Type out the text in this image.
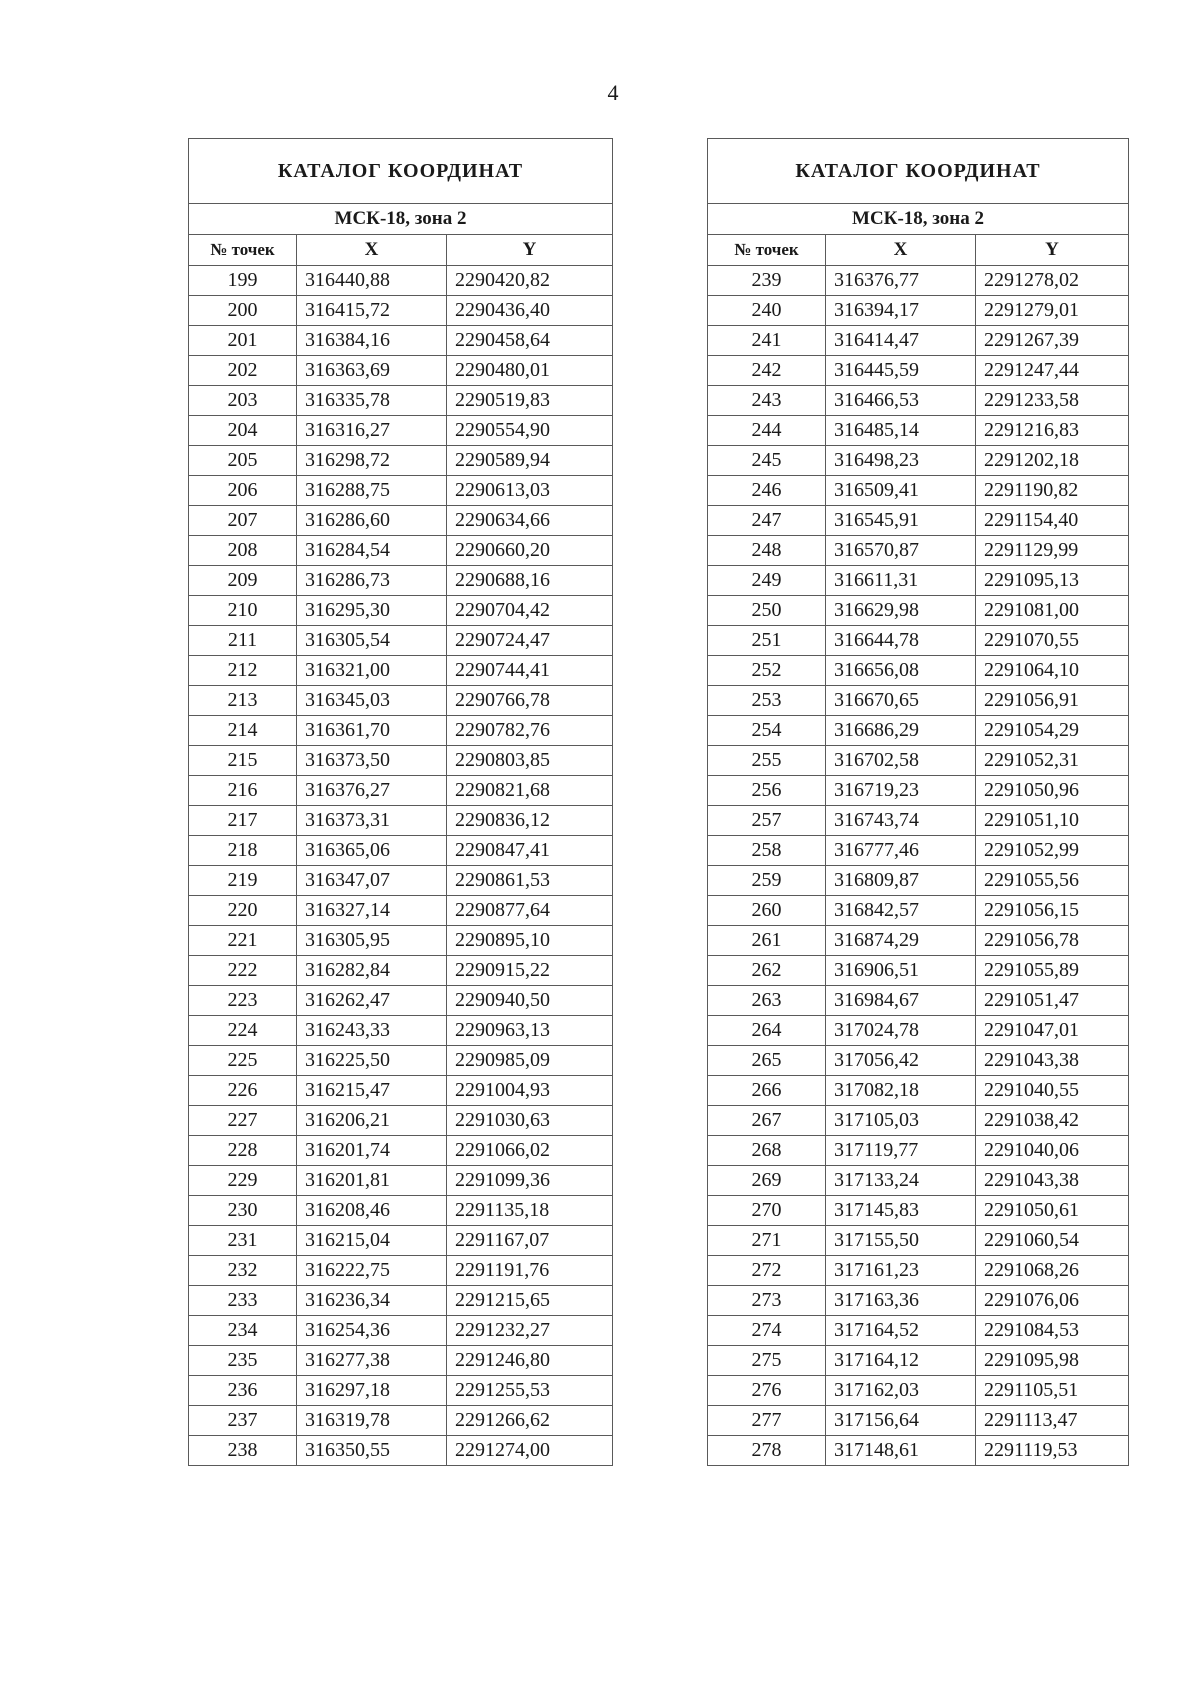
4
КАТАЛОГ КООРДИНАТ		
МСК-18, зона 2		
№ точек	X	Y
199	316440,88	2290420,82
200	316415,72	2290436,40
201	316384,16	2290458,64
202	316363,69	2290480,01
203	316335,78	2290519,83
204	316316,27	2290554,90
205	316298,72	2290589,94
206	316288,75	2290613,03
207	316286,60	2290634,66
208	316284,54	2290660,20
209	316286,73	2290688,16
210	316295,30	2290704,42
211	316305,54	2290724,47
212	316321,00	2290744,41
213	316345,03	2290766,78
214	316361,70	2290782,76
215	316373,50	2290803,85
216	316376,27	2290821,68
217	316373,31	2290836,12
218	316365,06	2290847,41
219	316347,07	2290861,53
220	316327,14	2290877,64
221	316305,95	2290895,10
222	316282,84	2290915,22
223	316262,47	2290940,50
224	316243,33	2290963,13
225	316225,50	2290985,09
226	316215,47	2291004,93
227	316206,21	2291030,63
228	316201,74	2291066,02
229	316201,81	2291099,36
230	316208,46	2291135,18
231	316215,04	2291167,07
232	316222,75	2291191,76
233	316236,34	2291215,65
234	316254,36	2291232,27
235	316277,38	2291246,80
236	316297,18	2291255,53
237	316319,78	2291266,62
238	316350,55	2291274,00
КАТАЛОГ КООРДИНАТ		
МСК-18, зона 2		
№ точек	X	Y
239	316376,77	2291278,02
240	316394,17	2291279,01
241	316414,47	2291267,39
242	316445,59	2291247,44
243	316466,53	2291233,58
244	316485,14	2291216,83
245	316498,23	2291202,18
246	316509,41	2291190,82
247	316545,91	2291154,40
248	316570,87	2291129,99
249	316611,31	2291095,13
250	316629,98	2291081,00
251	316644,78	2291070,55
252	316656,08	2291064,10
253	316670,65	2291056,91
254	316686,29	2291054,29
255	316702,58	2291052,31
256	316719,23	2291050,96
257	316743,74	2291051,10
258	316777,46	2291052,99
259	316809,87	2291055,56
260	316842,57	2291056,15
261	316874,29	2291056,78
262	316906,51	2291055,89
263	316984,67	2291051,47
264	317024,78	2291047,01
265	317056,42	2291043,38
266	317082,18	2291040,55
267	317105,03	2291038,42
268	317119,77	2291040,06
269	317133,24	2291043,38
270	317145,83	2291050,61
271	317155,50	2291060,54
272	317161,23	2291068,26
273	317163,36	2291076,06
274	317164,52	2291084,53
275	317164,12	2291095,98
276	317162,03	2291105,51
277	317156,64	2291113,47
278	317148,61	2291119,53
